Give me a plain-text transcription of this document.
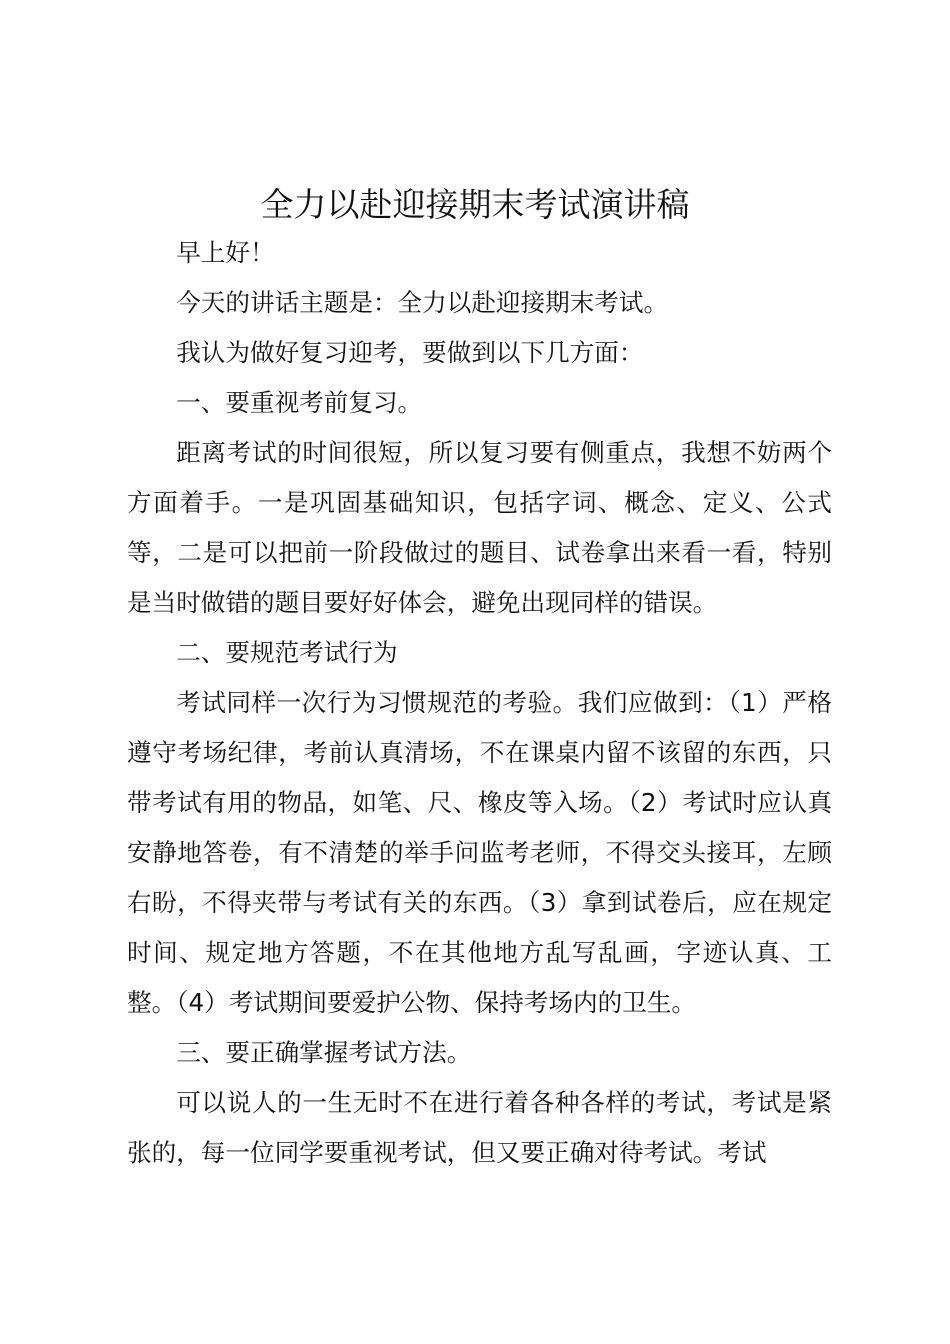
全力以赴迎接期末考试演讲稿

早上好！

今天的讲话主题是：全力以赴迎接期末考试。

我认为做好复习迎考，要做到以下几方面：

一、要重视考前复习。

距离考试的时间很短，所以复习要有侧重点，我想不妨两个方面着手。一是巩固基础知识，包括字词、概念、定义、公式等，二是可以把前一阶段做过的题目、试卷拿出来看一看，特别是当时做错的题目要好好体会，避免出现同样的错误。

二、要规范考试行为

考试同样一次行为习惯规范的考验。我们应做到：（1）严格遵守考场纪律，考前认真清场，不在课桌内留不该留的东西，只带考试有用的物品，如笔、尺、橡皮等入场。（2）考试时应认真安静地答卷，有不清楚的举手问监考老师，不得交头接耳，左顾右盼，不得夹带与考试有关的东西。（3）拿到试卷后，应在规定时间、规定地方答题，不在其他地方乱写乱画，字迹认真、工整。（4）考试期间要爱护公物、保持考场内的卫生。

三、要正确掌握考试方法。

可以说人的一生无时不在进行着各种各样的考试，考试是紧张的，每一位同学要重视考试，但又要正确对待考试。考试
